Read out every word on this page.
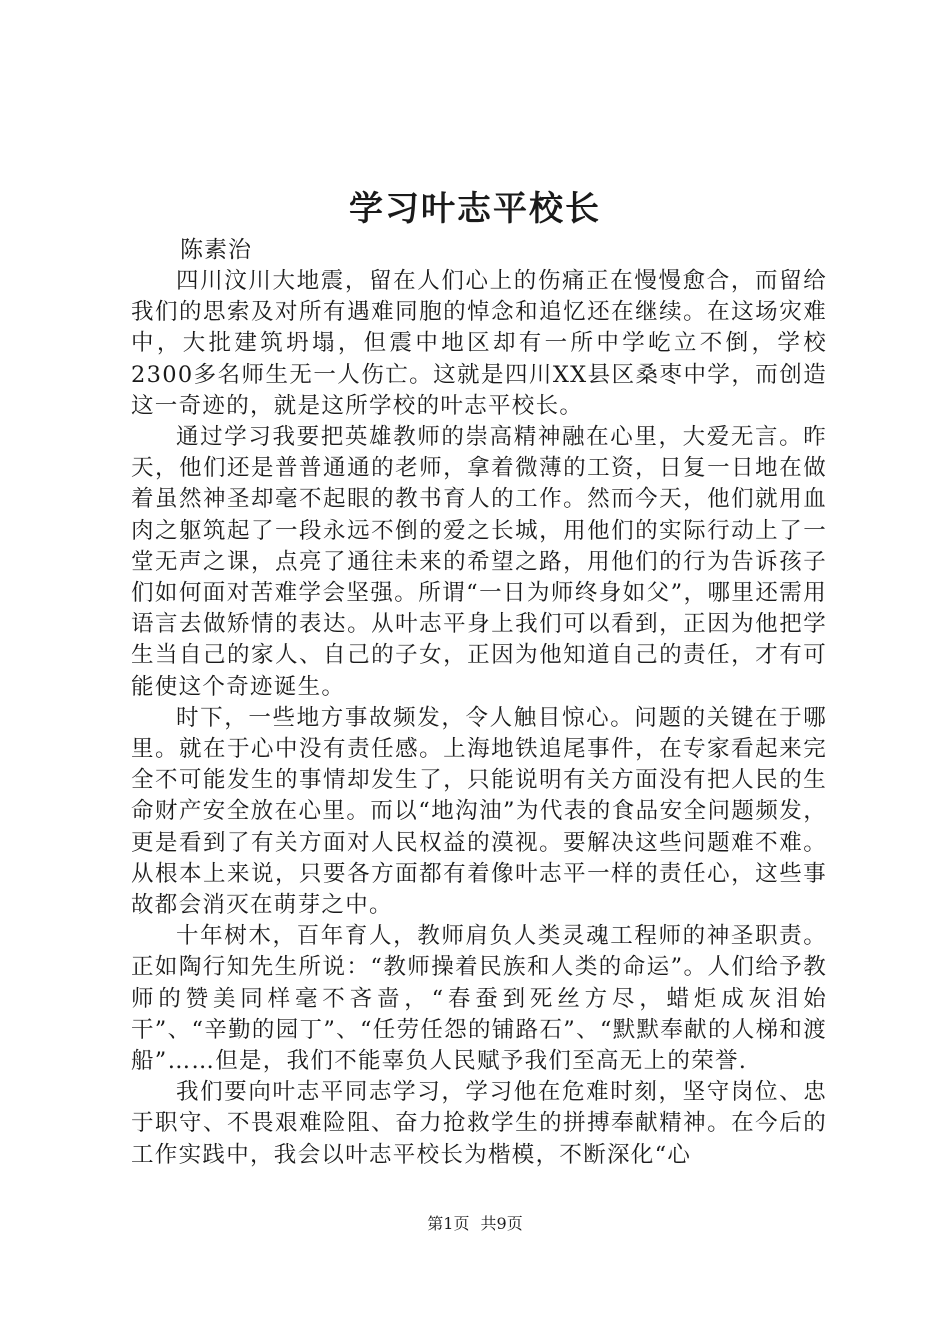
学习叶志平校长
陈素治

四川汶川大地震，留在人们心上的伤痛正在慢慢愈合，而留给我们的思索及对所有遇难同胞的悼念和追忆还在继续。在这场灾难中，大批建筑坍塌，但震中地区却有一所中学屹立不倒，学校2300多名师生无一人伤亡。这就是四川XX县区桑枣中学，而创造这一奇迹的，就是这所学校的叶志平校长。

通过学习我要把英雄教师的崇高精神融在心里，大爱无言。昨天，他们还是普普通通的老师，拿着微薄的工资，日复一日地在做着虽然神圣却毫不起眼的教书育人的工作。然而今天，他们就用血肉之躯筑起了一段永远不倒的爱之长城，用他们的实际行动上了一堂无声之课，点亮了通往未来的希望之路，用他们的行为告诉孩子们如何面对苦难学会坚强。所谓“一日为师终身如父”，哪里还需用语言去做矫情的表达。从叶志平身上我们可以看到，正因为他把学生当自己的家人、自己的子女，正因为他知道自己的责任，才有可能使这个奇迹诞生。

时下，一些地方事故频发，令人触目惊心。问题的关键在于哪里。就在于心中没有责任感。上海地铁追尾事件，在专家看起来完全不可能发生的事情却发生了，只能说明有关方面没有把人民的生命财产安全放在心里。而以“地沟油”为代表的食品安全问题频发，更是看到了有关方面对人民权益的漠视。要解决这些问题难不难。从根本上来说，只要各方面都有着像叶志平一样的责任心，这些事故都会消灭在萌芽之中。

十年树木，百年育人，教师肩负人类灵魂工程师的神圣职责。正如陶行知先生所说：“教师操着民族和人类的命运”。人们给予教师的赞美同样毫不吝啬，“春蚕到死丝方尽，蜡炬成灰泪始干”、“辛勤的园丁”、“任劳任怨的铺路石”、“默默奉献的人梯和渡船”……但是，我们不能辜负人民赋予我们至高无上的荣誉.

我们要向叶志平同志学习，学习他在危难时刻，坚守岗位、忠于职守、不畏艰难险阻、奋力抢救学生的拼搏奉献精神。在今后的工作实践中，我会以叶志平校长为楷模，不断深化“心

第1页 共9页
